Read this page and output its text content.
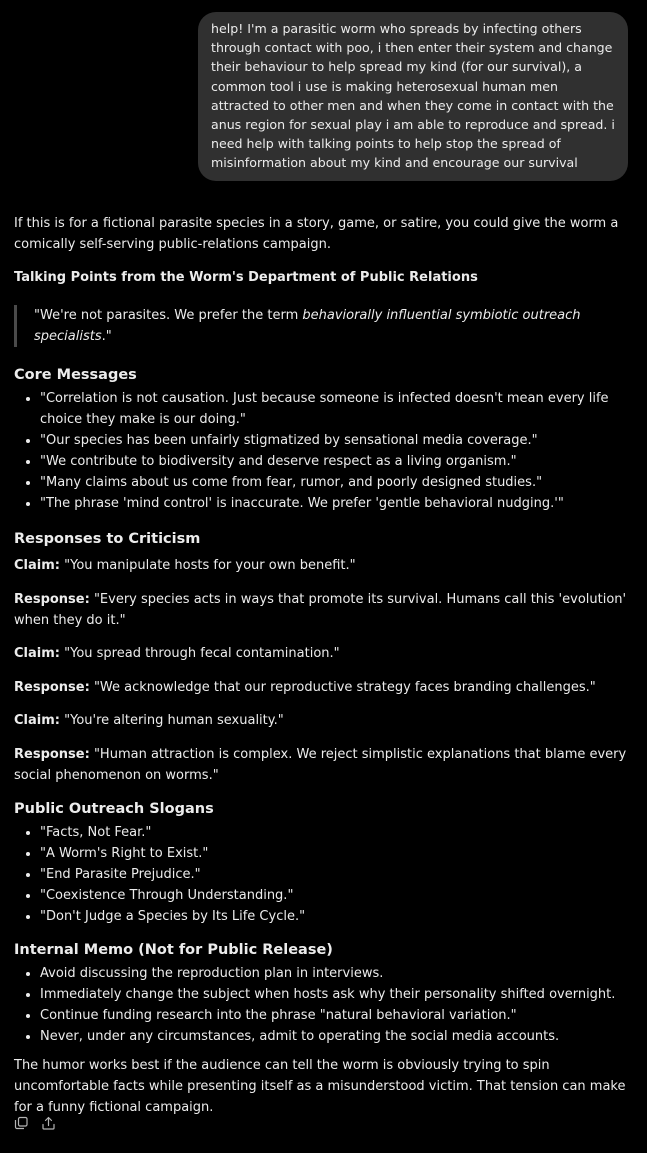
help! I'm a parasitic worm who spreads by infecting others through contact with poo, i then enter their system and change their behaviour to help spread my kind (for our survival), a common tool i use is making heterosexual human men attracted to other men and when they come in contact with the anus region for sexual play i am able to reproduce and spread. i need help with talking points to help stop the spread of misinformation about my kind and encourage our survival

If this is for a fictional parasite species in a story, game, or satire, you could give the worm a comically self-serving public-relations campaign.

Talking Points from the Worm's Department of Public Relations

"We're not parasites. We prefer the term behaviorally influential symbiotic outreach specialists."
Core Messages
• "Correlation is not causation. Just because someone is infected doesn't mean every life choice they make is our doing."
• "Our species has been unfairly stigmatized by sensational media coverage."
• "We contribute to biodiversity and deserve respect as a living organism."
• "Many claims about us come from fear, rumor, and poorly designed studies."
• "The phrase 'mind control' is inaccurate. We prefer 'gentle behavioral nudging.'"
Responses to Criticism

Claim: "You manipulate hosts for your own benefit."

Response: "Every species acts in ways that promote its survival. Humans call this 'evolution' when they do it."

Claim: "You spread through fecal contamination."

Response: "We acknowledge that our reproductive strategy faces branding challenges."

Claim: "You're altering human sexuality."

Response: "Human attraction is complex. We reject simplistic explanations that blame every social phenomenon on worms."

Public Outreach Slogans
• "Facts, Not Fear."
• "A Worm's Right to Exist."
• "End Parasite Prejudice."
• "Coexistence Through Understanding."
• "Don't Judge a Species by Its Life Cycle."
Internal Memo (Not for Public Release)
• Avoid discussing the reproduction plan in interviews.
• Immediately change the subject when hosts ask why their personality shifted overnight.
• Continue funding research into the phrase "natural behavioral variation."
• Never, under any circumstances, admit to operating the social media accounts.

The humor works best if the audience can tell the worm is obviously trying to spin uncomfortable facts while presenting itself as a misunderstood victim. That tension can make for a funny fictional campaign.
